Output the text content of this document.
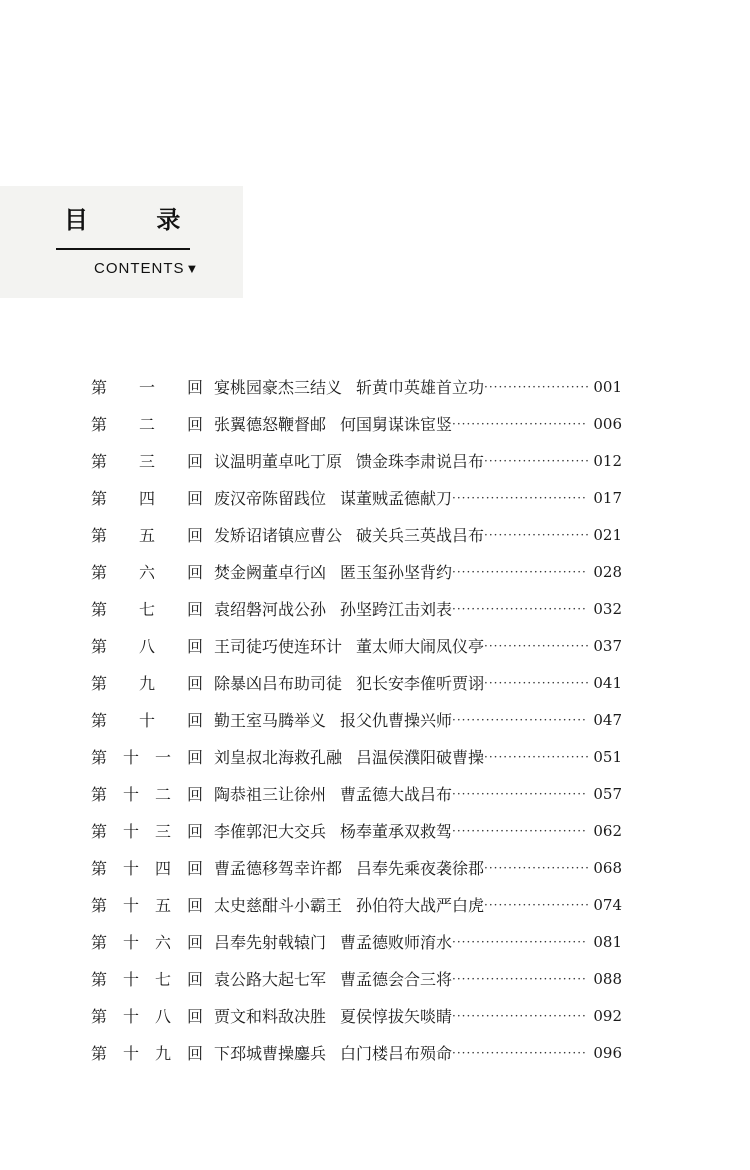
目 录
CONTENTS▼
第 一 回 宴桃园豪杰三结义 斩黄巾英雄首立功 ·····	001
第 二 回 张翼德怒鞭督邮 何国舅谋诛宦竖 ·····	006
第 三 回 议温明董卓叱丁原 馈金珠李肃说吕布 ·····	012
第 四 回 废汉帝陈留践位 谋董贼孟德献刀 ·····	017
第 五 回 发矫诏诸镇应曹公 破关兵三英战吕布 ·····	021
第 六 回 焚金阙董卓行凶 匿玉玺孙坚背约 ·····	028
第 七 回 袁绍磐河战公孙 孙坚跨江击刘表 ·····	032
第 八 回 王司徒巧使连环计 董太师大闹凤仪亭 ·····	037
第 九 回 除暴凶吕布助司徒 犯长安李傕听贾诩 ·····	041
第 十 回 勤王室马腾举义 报父仇曹操兴师 ·····	047
第 十 一 回 刘皇叔北海救孔融 吕温侯濮阳破曹操 ·····	051
第 十 二 回 陶恭祖三让徐州 曹孟德大战吕布 ·····	057
第 十 三 回 李傕郭汜大交兵 杨奉董承双救驾 ·····	062
第 十 四 回 曹孟德移驾幸许都 吕奉先乘夜袭徐郡 ·····	068
第 十 五 回 太史慈酣斗小霸王 孙伯符大战严白虎 ·····	074
第 十 六 回 吕奉先射戟辕门 曹孟德败师淯水 ·····	081
第 十 七 回 袁公路大起七军 曹孟德会合三将 ·····	088
第 十 八 回 贾文和料敌决胜 夏侯惇拔矢啖睛 ·····	092
第 十 九 回 下邳城曹操鏖兵 白门楼吕布殒命 ·····	096
